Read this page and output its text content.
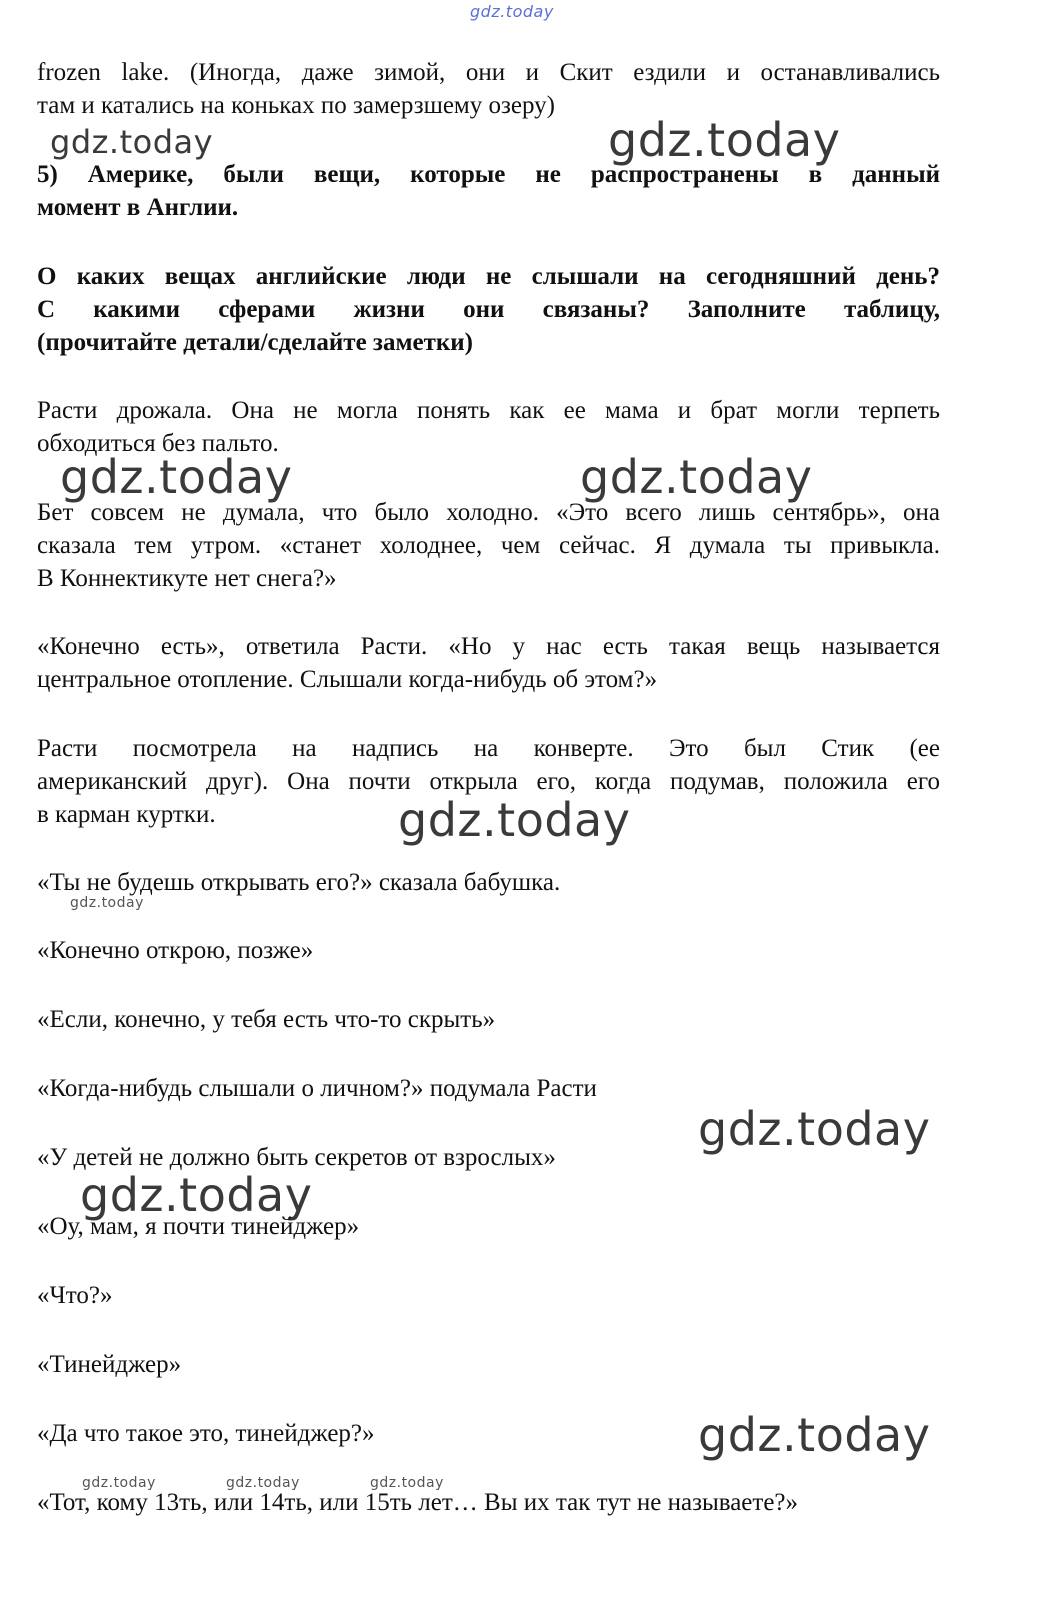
gdz.today
frozen lake. (Иногда, даже зимой, они и Скит ездили и останавливались
там и катались на коньках по замерзшему озеру)
gdz.today	gdz.today
5) Америке, были вещи, которые не распространены в данный
момент в Англии.
О каких вещах английские люди не слышали на сегодняшний день?
С какими сферами жизни они связаны? Заполните таблицу,
(прочитайте детали/сделайте заметки)
Расти дрожала. Она не могла понять как ее мама и брат могли терпеть
обходиться без пальто.
gdz.today	gdz.today
Бет совсем не думала, что было холодно. «Это всего лишь сентябрь», она
сказала тем утром. «станет холоднее, чем сейчас. Я думала ты привыкла.
В Коннектикуте нет снега?»
«Конечно есть», ответила Расти. «Но у нас есть такая вещь называется
центральное отопление. Слышали когда-нибудь об этом?»
Расти посмотрела на надпись на конверте. Это был Стик (ее
американский друг). Она почти открыла его, когда подумав, положила его
в карман куртки.	gdz.today

«Ты не будешь открывать его?» сказала бабушка.

gdz.today

«Конечно открою, позже»

«Если, конечно, у тебя есть что-то скрыть»

«Когда-нибудь слышали о личном?» подумала Расти

gdz.today

«У детей не должно быть секретов от взрослых»

gdz.today

«Оу, мам, я почти тинейджер»

«Что?»

«Тинейджер»

gdz.today

«Да что такое это, тинейджер?»

gdz.today	gdz.today	gdz.today

«Тот, кому 13ть, или 14ть, или 15ть лет… Вы их так тут не называете?»
